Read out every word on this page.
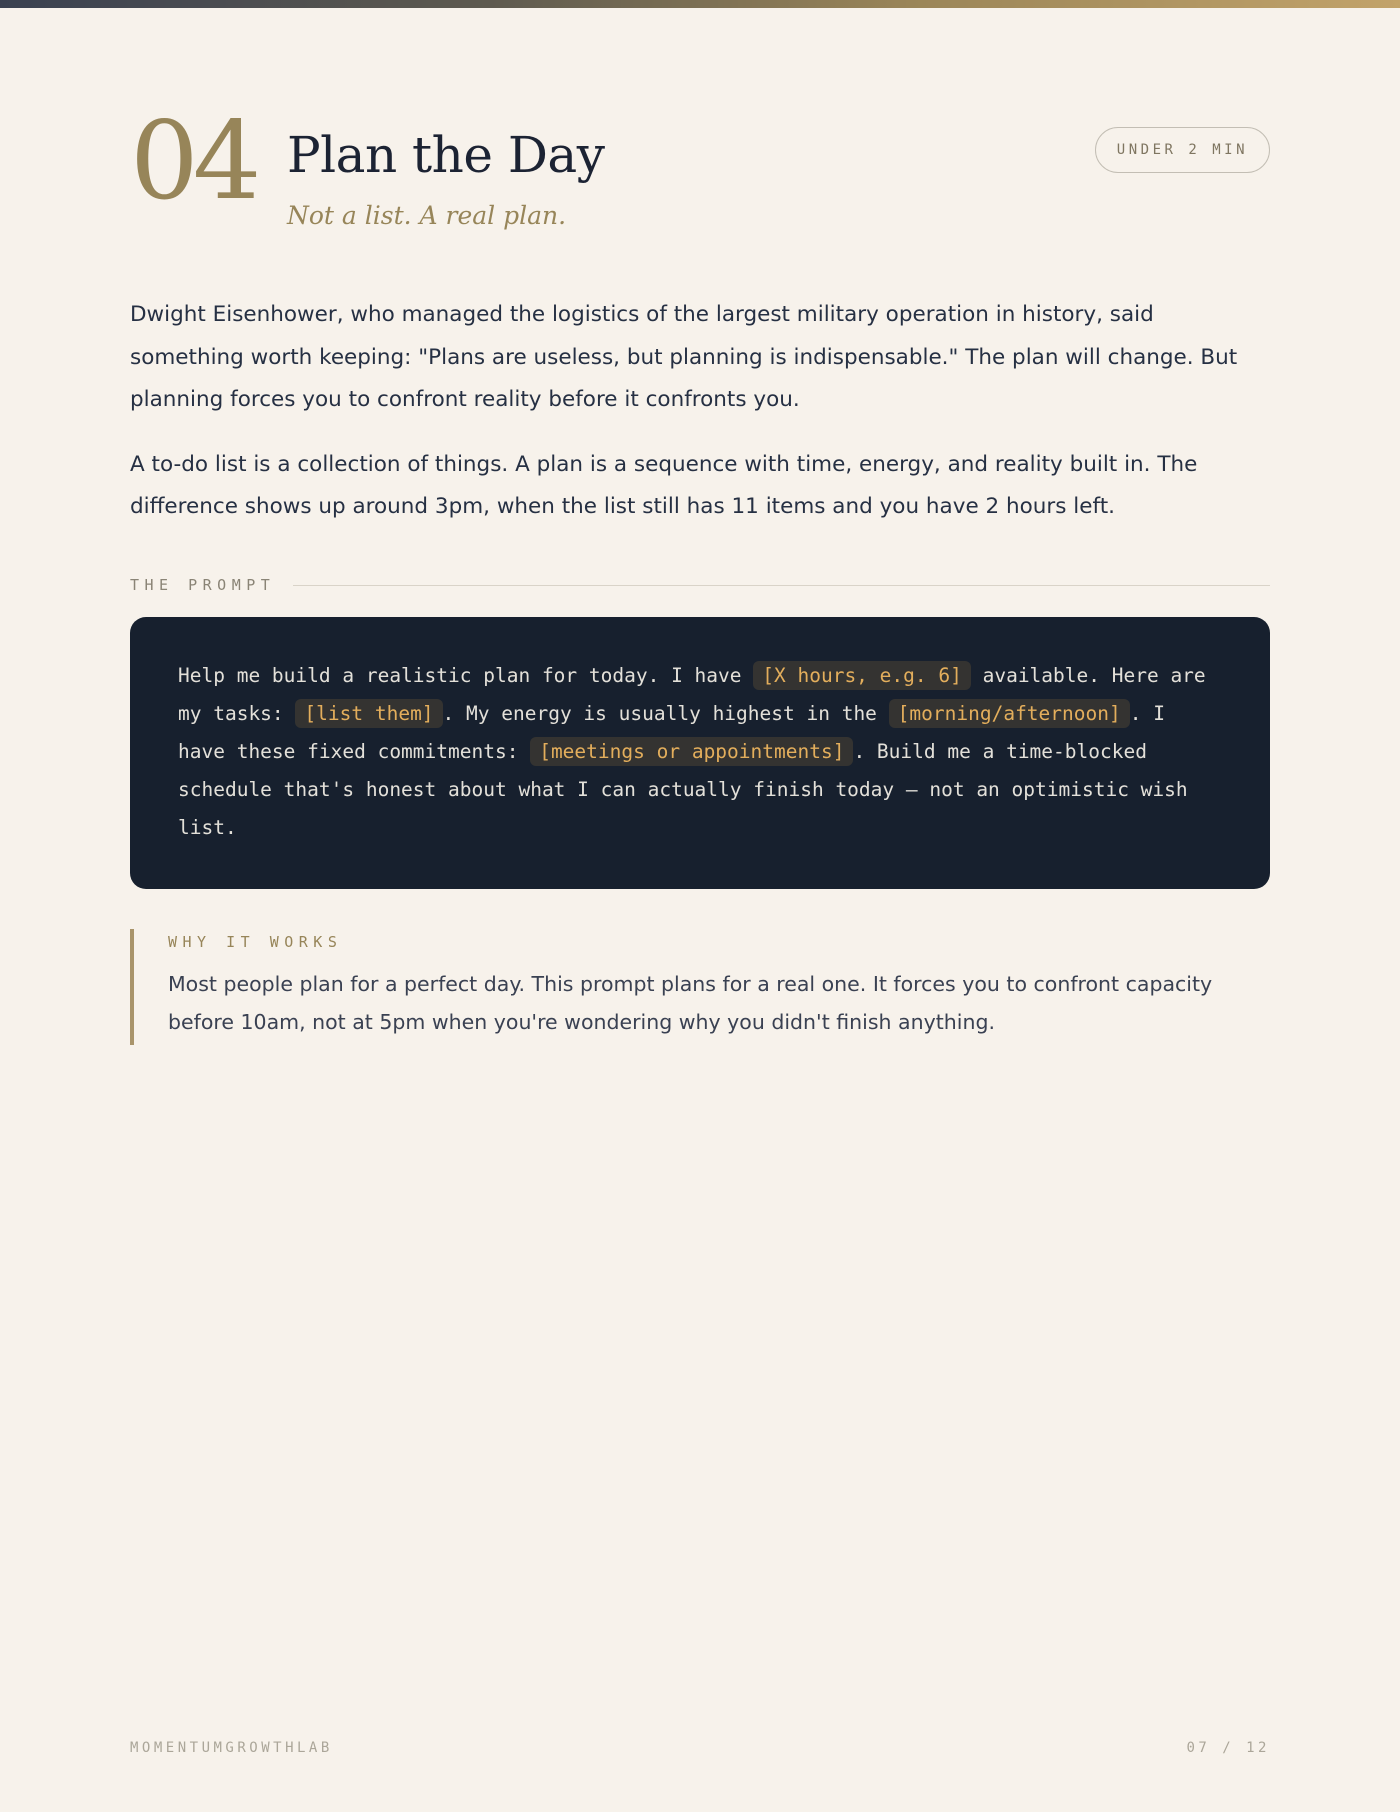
04 Plan the Day
Not a list. A real plan.
UNDER 2 MIN

Dwight Eisenhower, who managed the logistics of the largest military operation in history, said something worth keeping: "Plans are useless, but planning is indispensable." The plan will change. But planning forces you to confront reality before it confronts you.

A to-do list is a collection of things. A plan is a sequence with time, energy, and reality built in. The difference shows up around 3pm, when the list still has 11 items and you have 2 hours left.

THE PROMPT
Help me build a realistic plan for today. I have [X hours, e.g. 6] available. Here are my tasks: [list them] . My energy is usually highest in the [morning/afternoon] . I have these fixed commitments: [meetings or appointments] . Build me a time-blocked schedule that's honest about what I can actually finish today — not an optimistic wish list.
WHY IT WORKS
Most people plan for a perfect day. This prompt plans for a real one. It forces you to confront capacity before 10am, not at 5pm when you're wondering why you didn't finish anything.
MOMENTUMGROWTHLAB	07 / 12
